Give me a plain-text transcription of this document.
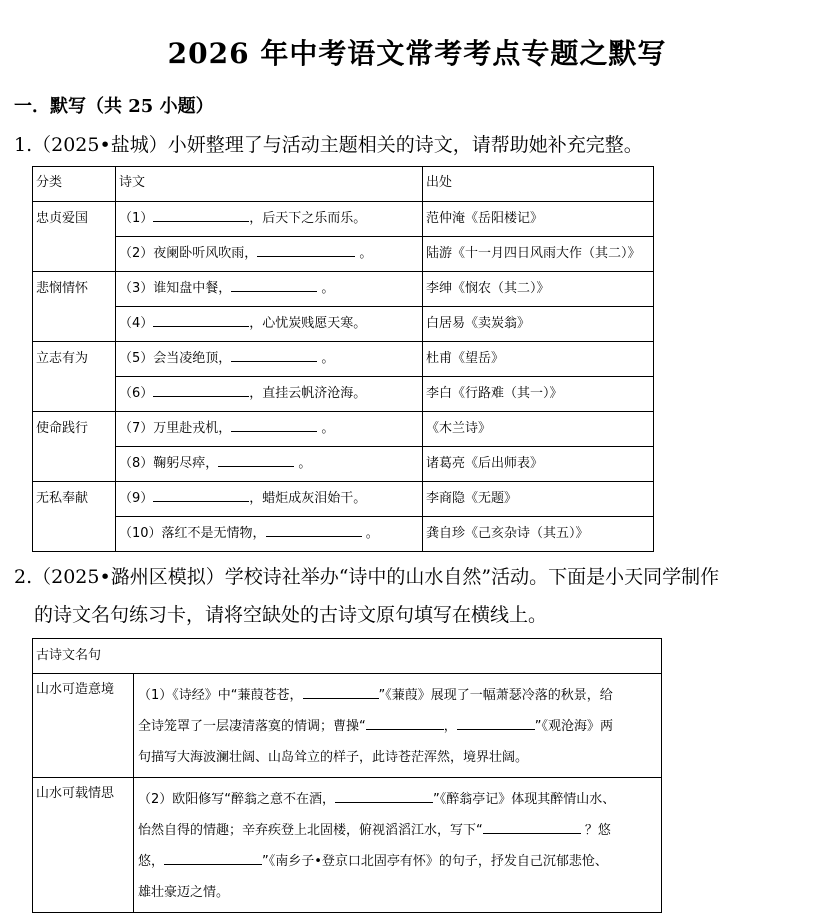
2026 年中考语文常考考点专题之默写
一．默写（共 25 小题）
1.（2025•盐城）小妍整理了与活动主题相关的诗文，请帮助她补充完整。
分类	诗文	出处
忠贞爱国	（1） ，后天下之乐而乐。	范仲淹《岳阳楼记》
	（2）夜阑卧听风吹雨， 。	陆游《十一月四日风雨大作（其二）》
悲悯情怀	（3）谁知盘中餐， 。	李绅《悯农（其二）》
	（4） ，心忧炭贱愿天寒。	白居易《卖炭翁》
立志有为	（5）会当凌绝顶， 。	杜甫《望岳》
	（6） ，直挂云帆济沧海。	李白《行路难（其一）》
使命践行	（7）万里赴戎机， 。	《木兰诗》
	（8）鞠躬尽瘁， 。	诸葛亮《后出师表》
无私奉献	（9） ，蜡炬成灰泪始干。	李商隐《无题》
	（10）落红不是无情物， 。	龚自珍《己亥杂诗（其五）》
2.（2025•潞州区模拟）学校诗社举办“诗中的山水自然”活动。下面是小天同学制作
的诗文名句练习卡，请将空缺处的古诗文原句填写在横线上。
古诗文名句	
山水可造意境	（1）《诗经》中“蒹葭苍苍， ”《蒹葭》展现了一幅萧瑟冷落的秋景，给
全诗笼罩了一层凄清落寞的情调；曹操“ ， ”《观沧海》两
句描写大海波澜壮阔、山岛耸立的样子，此诗苍茫浑然，境界壮阔。
山水可载情思	（2）欧阳修写“醉翁之意不在酒， ”《醉翁亭记》体现其醉情山水、
怡然自得的情趣；辛弃疾登上北固楼，俯视滔滔江水，写下“ ？悠
悠， ”《南乡子•登京口北固亭有怀》的句子，抒发自己沉郁悲怆、
雄壮豪迈之情。
